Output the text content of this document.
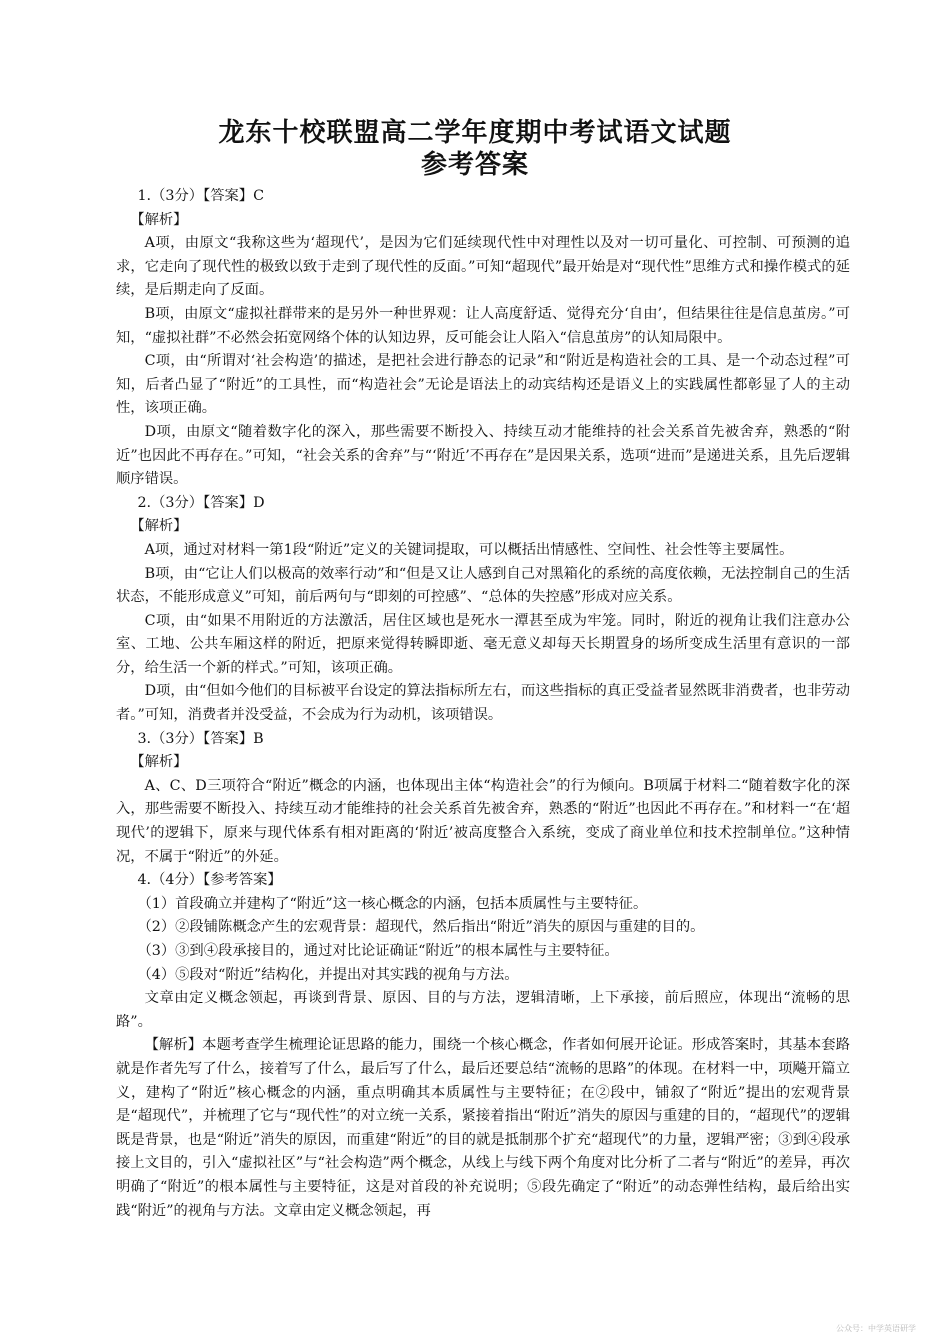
龙东十校联盟高二学年度期中考试语文试题
参考答案

1.（3分）【答案】C

【解析】

A项，由原文“我称这些为‘超现代’，是因为它们延续现代性中对理性以及对一切可量化、可控制、可预测的追求，它走向了现代性的极致以致于走到了现代性的反面。”可知“超现代”最开始是对“现代性”思维方式和操作模式的延续，是后期走向了反面。

B项，由原文“虚拟社群带来的是另外一种世界观：让人高度舒适、觉得充分‘自由’，但结果往往是信息茧房。”可知，“虚拟社群”不必然会拓宽网络个体的认知边界，反可能会让人陷入“信息茧房”的认知局限中。

C项，由“所谓对‘社会构造’的描述，是把社会进行静态的记录”和“附近是构造社会的工具、是一个动态过程”可知，后者凸显了“附近”的工具性，而“构造社会”无论是语法上的动宾结构还是语义上的实践属性都彰显了人的主动性，该项正确。

D项，由原文“随着数字化的深入，那些需要不断投入、持续互动才能维持的社会关系首先被舍弃，熟悉的“附近”也因此不再存在。”可知，“社会关系的舍弃”与“‘附近’不再存在”是因果关系，选项“进而”是递进关系，且先后逻辑顺序错误。

2.（3分）【答案】D

【解析】

A项，通过对材料一第1段“附近”定义的关键词提取，可以概括出情感性、空间性、社会性等主要属性。

B项，由“它让人们以极高的效率行动”和“但是又让人感到自己对黑箱化的系统的高度依赖，无法控制自己的生活状态，不能形成意义”可知，前后两句与“即刻的可控感”、“总体的失控感”形成对应关系。

C项，由“如果不用附近的方法激活，居住区域也是死水一潭甚至成为牢笼。同时，附近的视角让我们注意办公室、工地、公共车厢这样的附近，把原来觉得转瞬即逝、毫无意义却每天长期置身的场所变成生活里有意识的一部分，给生活一个新的样式。”可知，该项正确。

D项，由“但如今他们的目标被平台设定的算法指标所左右，而这些指标的真正受益者显然既非消费者，也非劳动者。”可知，消费者并没受益，不会成为行为动机，该项错误。

3.（3分）【答案】B

【解析】

A、C、D三项符合“附近”概念的内涵，也体现出主体“构造社会”的行为倾向。B项属于材料二“随着数字化的深入，那些需要不断投入、持续互动才能维持的社会关系首先被舍弃，熟悉的“附近”也因此不再存在。”和材料一“在‘超现代’的逻辑下，原来与现代体系有相对距离的‘附近’被高度整合入系统，变成了商业单位和技术控制单位。”这种情况，不属于“附近”的外延。

4.（4分）【参考答案】

（1）首段确立并建构了“附近”这一核心概念的内涵，包括本质属性与主要特征。

（2）②段铺陈概念产生的宏观背景：超现代，然后指出“附近”消失的原因与重建的目的。

（3）③到④段承接目的，通过对比论证确证“附近”的根本属性与主要特征。

（4）⑤段对“附近”结构化，并提出对其实践的视角与方法。

文章由定义概念领起，再谈到背景、原因、目的与方法，逻辑清晰，上下承接，前后照应，体现出“流畅的思路”。

【解析】本题考查学生梳理论证思路的能力，围绕一个核心概念，作者如何展开论证。形成答案时，其基本套路就是作者先写了什么，接着写了什么，最后写了什么，最后还要总结“流畅的思路”的体现。在材料一中，项飚开篇立义，建构了“附近”核心概念的内涵，重点明确其本质属性与主要特征；在②段中，铺叙了“附近”提出的宏观背景是“超现代”，并梳理了它与“现代性”的对立统一关系，紧接着指出“附近”消失的原因与重建的目的，“超现代”的逻辑既是背景，也是“附近”消失的原因，而重建“附近”的目的就是抵制那个扩充“超现代”的力量，逻辑严密；③到④段承接上文目的，引入“虚拟社区”与“社会构造”两个概念，从线上与线下两个角度对比分析了二者与“附近”的差异，再次明确了“附近”的根本属性与主要特征，这是对首段的补充说明；⑤段先确定了“附近”的动态弹性结构，最后给出实践“附近”的视角与方法。文章由定义概念领起，再

公众号：中学英语研学
